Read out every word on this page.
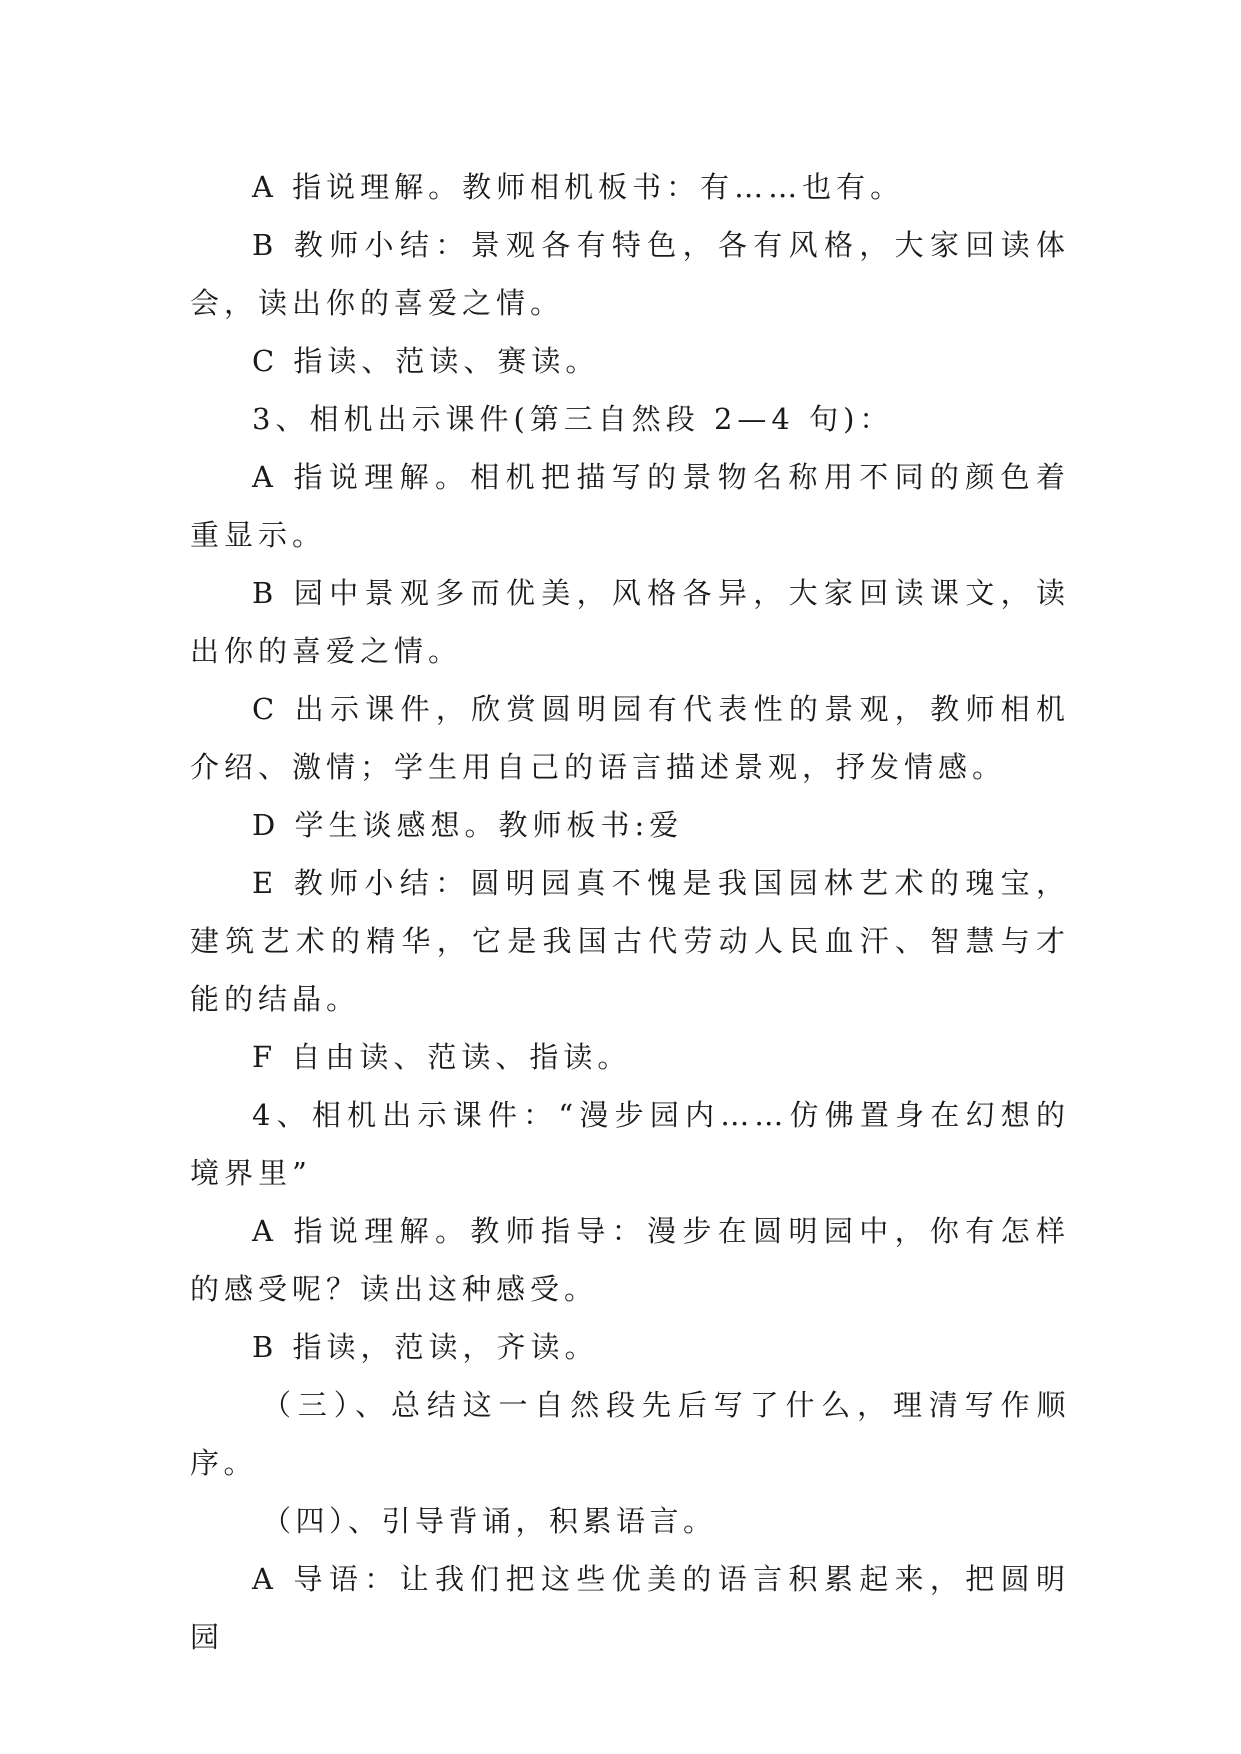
A 指说理解。教师相机板书：有……也有。

B 教师小结：景观各有特色，各有风格，大家回读体会，读出你的喜爱之情。

C 指读、范读、赛读。

3、相机出示课件(第三自然段 2—4 句)：

A 指说理解。相机把描写的景物名称用不同的颜色着重显示。

B 园中景观多而优美，风格各异，大家回读课文，读出你的喜爱之情。

C 出示课件，欣赏圆明园有代表性的景观，教师相机介绍、激情；学生用自己的语言描述景观，抒发情感。

D 学生谈感想。教师板书:爱

E 教师小结：圆明园真不愧是我国园林艺术的瑰宝，建筑艺术的精华，它是我国古代劳动人民血汗、智慧与才能的结晶。

F 自由读、范读、指读。

4、相机出示课件：“漫步园内……仿佛置身在幻想的境界里”

A 指说理解。教师指导：漫步在圆明园中，你有怎样的感受呢？读出这种感受。

B 指读，范读，齐读。

（三）、总结这一自然段先后写了什么，理清写作顺序。

（四）、引导背诵，积累语言。

A 导语：让我们把这些优美的语言积累起来，把圆明园
